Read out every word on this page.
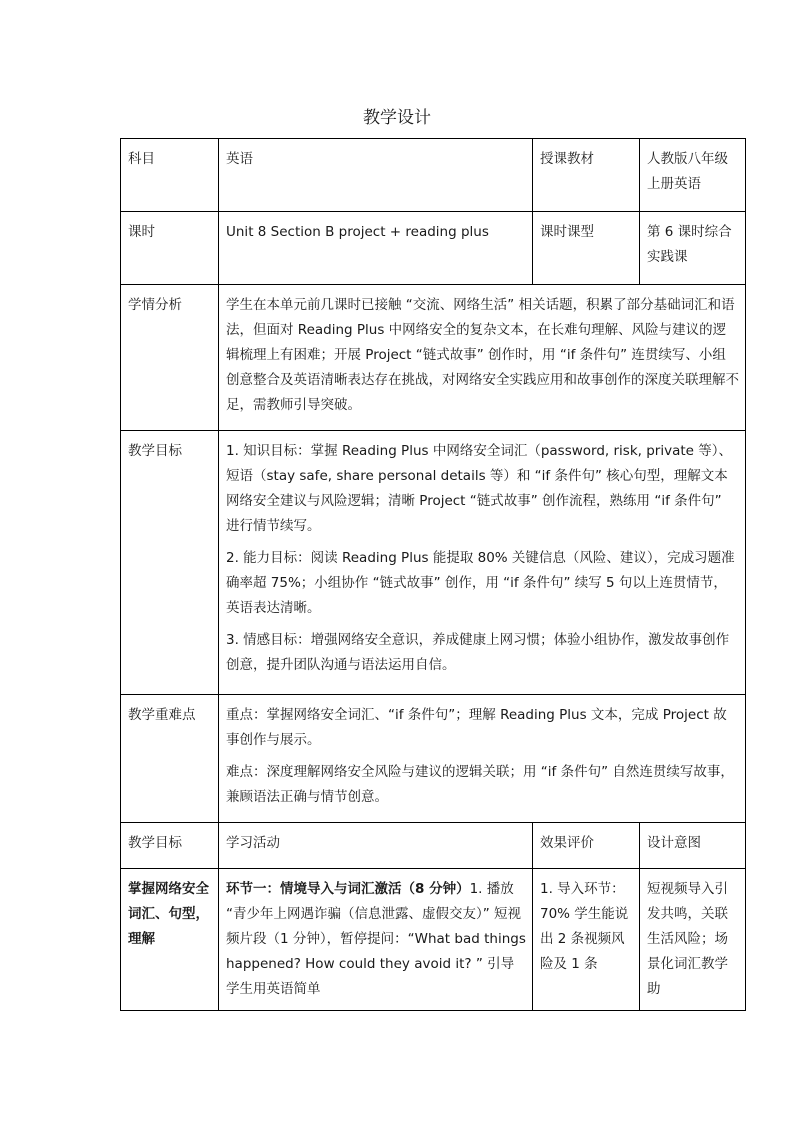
教学设计
科目	英语	授课教材	人教版八年级上册英语
课时	Unit 8 Section B project + reading plus	课时课型	第 6 课时综合实践课
学情分析	学生在本单元前几课时已接触 “交流、网络生活” 相关话题，积累了部分基础词汇和语法，但面对 Reading Plus 中网络安全的复杂文本，在长难句理解、风险与建议的逻辑梳理上有困难；开展 Project “链式故事” 创作时，用 “if 条件句” 连贯续写、小组创意整合及英语清晰表达存在挑战，对网络安全实践应用和故事创作的深度关联理解不足，需教师引导突破。		
教学目标	1. 知识目标：掌握 Reading Plus 中网络安全词汇（password, risk, private 等）、短语（stay safe, share personal details 等）和 “if 条件句” 核心句型，理解文本网络安全建议与风险逻辑；清晰 Project “链式故事” 创作流程，熟练用 “if 条件句” 进行情节续写。

2. 能力目标：阅读 Reading Plus 能提取 80% 关键信息（风险、建议），完成习题准确率超 75%；小组协作 “链式故事” 创作，用 “if 条件句” 续写 5 句以上连贯情节，英语表达清晰。

3. 情感目标：增强网络安全意识，养成健康上网习惯；体验小组协作，激发故事创作创意，提升团队沟通与语法运用自信。		

教学重难点	重点：掌握网络安全词汇、“if 条件句”；理解 Reading Plus 文本，完成 Project 故事创作与展示。

难点：深度理解网络安全风险与建议的逻辑关联；用 “if 条件句” 自然连贯续写故事，兼顾语法正确与情节创意。		

教学目标	学习活动	效果评价	设计意图
掌握网络安全词汇、句型，理解	环节一：情境导入与词汇激活（8 分钟）1. 播放 “青少年上网遇诈骗（信息泄露、虚假交友）” 短视频片段（1 分钟），暂停提问：“What bad things happened? How could they avoid it? ” 引导学生用英语简单	1. 导入环节：70% 学生能说出 2 条视频风险及 1 条	短视频导入引发共鸣，关联生活风险；场景化词汇教学助
